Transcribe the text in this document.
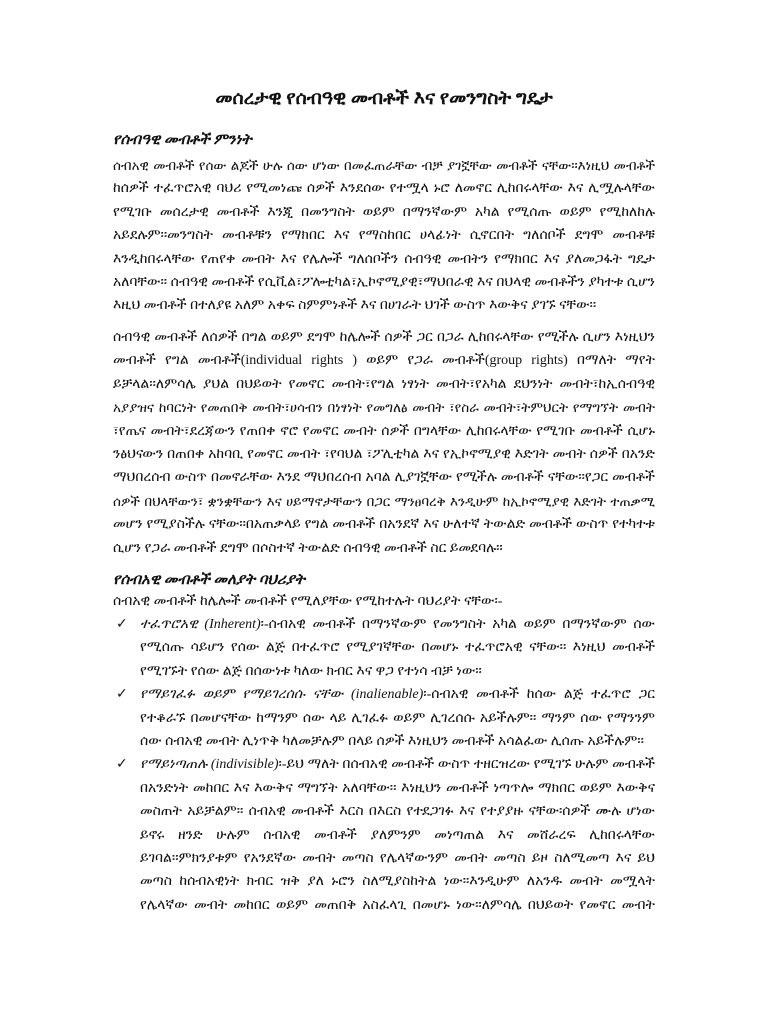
መሰረታዊ የሰብዓዊ መብቶች እና የመንግስት ግዴታ
የሰብዓዊ መብቶች ምንነት
ሰብአዊ መብቶች የሰው ልጆች ሁሉ ሰው ሆነው በመፈጠራቸው ብቻ ያገኟቸው መብቶች ናቸው፡፡እነዚህ መብቶች
ከሰዎች ተፈጥሮአዊ ባህሪ የሚመነጩ ሰዎች እንደሰው የተሟላ ኑሮ ለመኖር ሊከበሩላቸው እና ሊሟሉላቸው
የሚገቡ መሰረታዊ መብቶች እንጂ በመንግስት ወይም በማንኛውም አካል የሚሰጡ ወይም የሚከለከሉ
አይደሉም፡፡መንግስት መብቶቹን የማክበር እና የማስከበር ሀላፊነት ሲኖርበት ግለሰቦች ደግሞ መብቶቹ
እንዲከበሩላቸው የጠየቀ መብት እና የሌሎች ግለሰቦችን ሰብዓዊ መብትን የማክበር እና ያለመጋፋት ግዴታ
አለባቸው፡፡ ሰብዓዊ መብቶች የሲቪል፣ፖሎቲካል፣ኢኮኖሚያዊ፣ማህበራዊ እና በህላዊ መብቶችን ያካተቱ ሲሆን
እዚህ መብቶች በተለያዩ አለም አቀፍ ስምምነቶች እና በሀገራት ህገች ውስጥ እውቅና ያገኙ ናቸው፡፡
ሰብዓዊ መብቶች ለሰዎች በግል ወይም ደግሞ ከሌሎች ሰዎች ጋር በጋራ ሊከበሩላቸው የሚችሉ ሲሆን እነዚህን
መብቶች የግል መብቶች(individual rights ) ወይም የጋራ መብቶች(group rights) በማለት ማየት
ይቻላል፡፡ለምሳሌ ያህል በህይወት የመኖር መብት፣የግል ነፃነት መብት፣የአካል ደህንነት መብት፣ከኢሰብዓዊ
አያያዝና ከባርነት የመጠበቅ መብት፣ሀሳብን በነፃነት የመግለፅ መብት ፣የስራ መብት፣ትምህርት የማግኘት መብት
፣የጤና መብት፣ደረጃውን የጠበቀ ኖሮ የመኖር መብት ሰዎች በግላቸው ሊከበሩላቸው የሚገቡ መብቶች ሲሆኑ
ንፅህናውን በጠበቀ አከባቢ የመኖር መብት ፣የባህል ፣ፖሊቲካል እና የኢኮኖሚያዊ እድገት መብት ሰዎች በአንድ
ማህበረሰብ ውስጥ በመኖራቸው እንደ ማህበረሰብ አባል ሊያገኟቸው የሚችሉ መብቶች ናቸው፡፡የጋር መብቶች
ሰዎች በህላቸውን፣ ቋንቋቸውን እና ሀይማኖታቸውን በጋር ማንፀባረቅ እንዲሁም ከኢኮኖሚያዊ እድገት ተጠቃሚ
መሆን የሚያስችሉ ናቸው፡፡በአጠቃላይ የግል መብቶች በአንደኛ እና ሁለተኛ ትውልድ መብቶች ውስጥ የተካተቱ
ሲሆን የጋራ መብቶች ደግሞ በሶስተኛ ትውልድ ሰብዓዊ መብቶች ስር ይመደባሉ፡፡
የሰብአዊ መብቶች መለያት ባህሪያት
ሰብአዊ መብቶች ከሌሎች መብቶች የሚለያቸው የሚከተሉት ባህሪያት ናቸው፡-
✓
ተፈጥሮአዊ (Inherent)፡-ሰብአዊ መብቶች በማንኛውም የመንግስት አካል ወይም በማንኛውም ሰው
የሚሰጡ ሳይሆን የሰው ልጅ በተፈጥሮ የሚያገኛቸው በመሆኑ ተፈጥሮአዊ ናቸው፡፡ እነዚህ መብቶች
የሚገኙት የሰው ልጅ በሰውነቱ ካለው ክብር እና ዋጋ የተነሳ ብቻ ነው፡፡
✓
የማይገፈፉ ወይም የማይገረሰሱ ናቸው (inalienable)፡-ሰብአዊ መብቶች ከሰው ልጅ ተፈጥሮ ጋር
የተቆራኙ በመሆናቸው ከማንም ሰው ላይ ሊገፈፉ ወይም ሊገረሰሱ አይችሉም፡፡ ማንም ሰው የማንንም
ሰው ሰብአዊ መብት ሊነጥቅ ካለመቻሉም በላይ ሰዎች እነዚህን መብቶች አሳልፈው ሊሰጡ አይችሉም፡፡
✓
የማይነጣጠሉ (indivisible)፡-ይህ ማለት በሰብአዊ መብቶች ውስጥ ተዘርዝረው የሚገኙ ሁሉም መብቶች
በአንድነት መከበር እና እውቅና ማግኘት አለባቸው፡፡ እነዚህን መብቶች ነጣጥሎ ማክበር ወይም እውቅና
መስጠት አይቻልም፡፡ ሰብአዊ መብቶች እርስ በእርስ የተደጋገፉ እና የተያያዙ ናቸው፡ሰዎች ሙሉ ሆነው
ይኖሩ ዘንድ ሁሉም ሰብአዊ መብቶች ያለምንም መነጣጠል እና መሸራረፍ ሊከበሩላቸው
ይገባል፡፡ምክንያቱም የአንደኛው መብት መጣስ የሌላኛውንም መብት መጣስ ይዞ ስለሚመጣ እና ይህ
መጣስ ከሰብአዊነት ክብር ዝቅ ያለ ኑሮን ስለሚያስከትል ነው፡፡እንዲሁም ለአንዱ መብት መሟላት
የሌላኛው መብት መከበር ወይም መጠበቅ አስፈላጊ በመሆኑ ነው፡፡ለምሳሌ በህይወት የመኖር መብት
